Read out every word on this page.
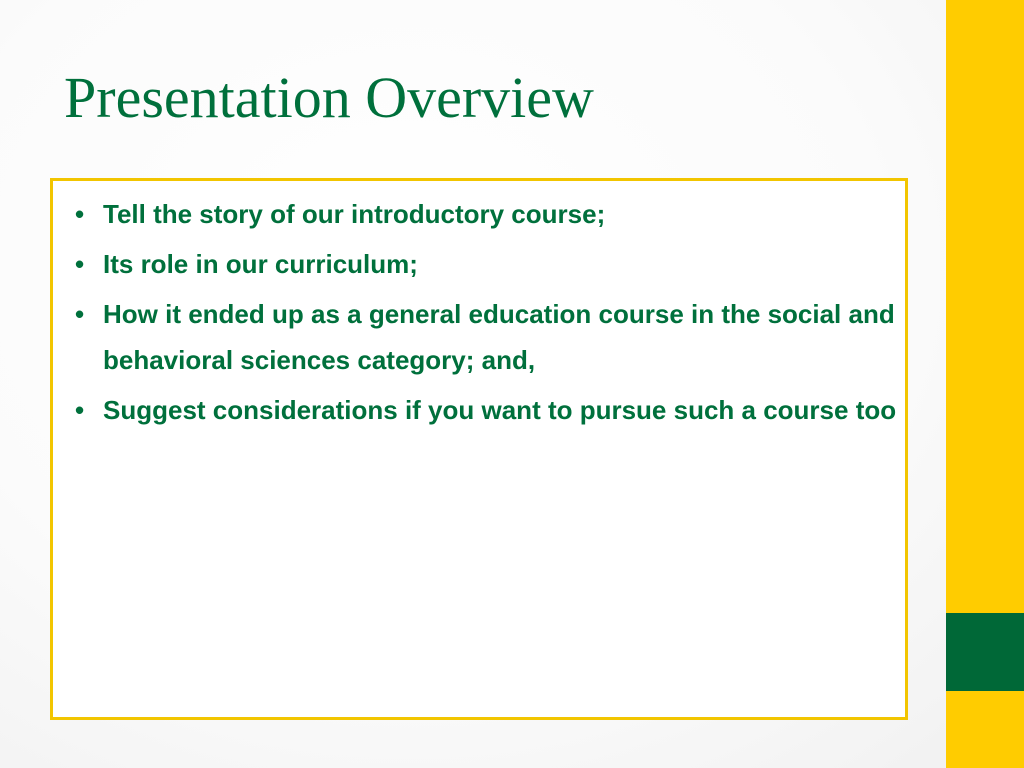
Presentation Overview
• Tell the story of our introductory course;
• Its role in our curriculum;
• How it ended up as a general education course in the social and behavioral sciences category; and,
• Suggest considerations if you want to pursue such a course too
